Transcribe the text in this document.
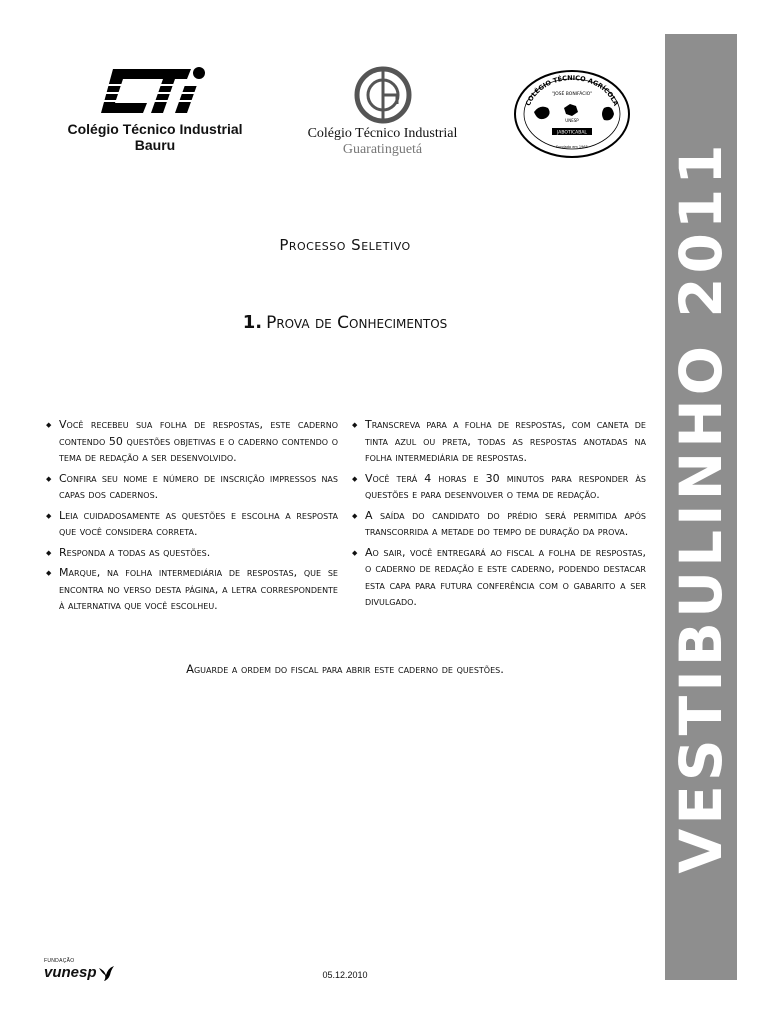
VESTIBULINHO 2011
Colégio Técnico Industrial
Bauru
Colégio Técnico Industrial
Guaratinguetá
COLÉGIO TÉCNICO AGRÍCOLA
"JOSÉ BONIFÁCIO"
UNESP
JABOTICABAL
Fundado em 1965
Processo Seletivo
1. Prova de Conhecimentos
◆ Você recebeu sua folha de respostas, este caderno contendo 50 questões objetivas e o caderno contendo o tema de redação a ser desenvolvido.
◆ Confira seu nome e número de inscrição impressos nas capas dos cadernos.
◆ Leia cuidadosamente as questões e escolha a resposta que você considera correta.
◆ Responda a todas as questões.
◆ Marque, na folha intermediária de respostas, que se encontra no verso desta página, a letra correspondente à alternativa que você escolheu.
◆ Transcreva para a folha de respostas, com caneta de tinta azul ou preta, todas as respostas anotadas na folha intermediária de respostas.
◆ Você terá 4 horas e 30 minutos para responder às questões e para desenvolver o tema de redação.
◆ A saída do candidato do prédio será permitida após transcorrida a metade do tempo de duração da prova.
◆ Ao sair, você entregará ao fiscal a folha de respostas, o caderno de redação e este caderno, podendo destacar esta capa para futura conferência com o gabarito a ser divulgado.
Aguarde a ordem do fiscal para abrir este caderno de questões.
FUNDAÇÃO
vunesp	05.12.2010
